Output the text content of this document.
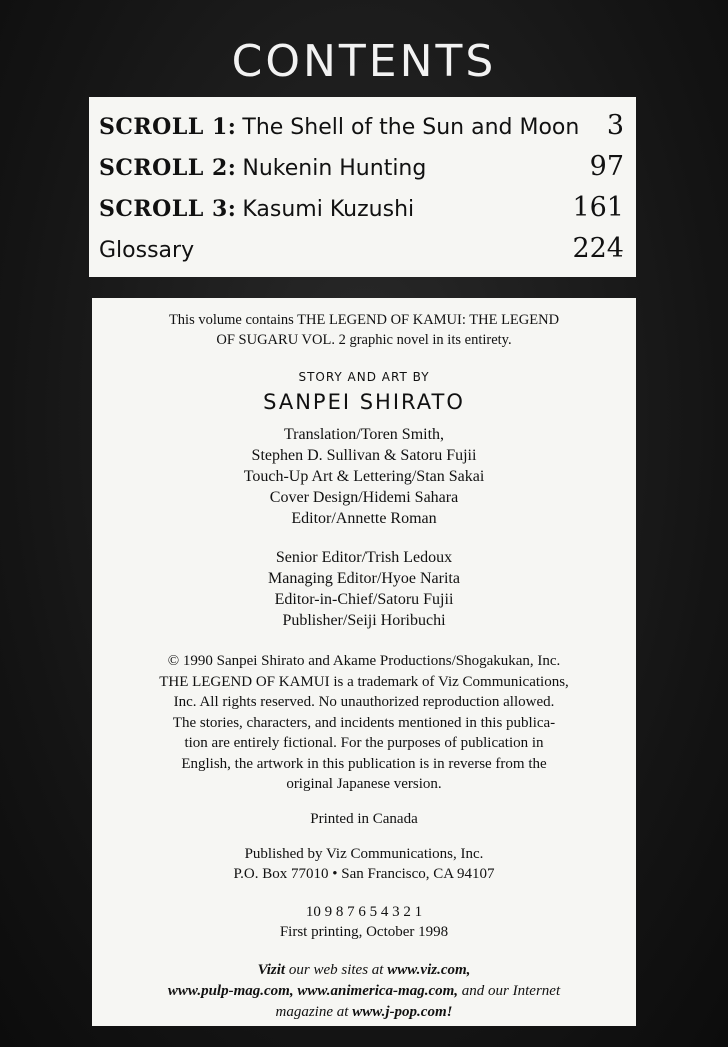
CONTENTS
SCROLL 1: The Shell of the Sun and Moon 3
SCROLL 2: Nukenin Hunting	97
SCROLL 3: Kasumi Kuzushi	161
Glossary	224

This volume contains THE LEGEND OF KAMUI: THE LEGEND
OF SUGARU VOL. 2 graphic novel in its entirety.

STORY AND ART BY
SANPEI SHIRATO
Translation/Toren Smith,
Stephen D. Sullivan & Satoru Fujii
Touch-Up Art & Lettering/Stan Sakai
Cover Design/Hidemi Sahara
Editor/Annette Roman
Senior Editor/Trish Ledoux
Managing Editor/Hyoe Narita
Editor-in-Chief/Satoru Fujii
Publisher/Seiji Horibuchi
© 1990 Sanpei Shirato and Akame Productions/Shogakukan, Inc.
THE LEGEND OF KAMUI is a trademark of Viz Communications,
Inc. All rights reserved. No unauthorized reproduction allowed.
The stories, characters, and incidents mentioned in this publica-
tion are entirely fictional. For the purposes of publication in
English, the artwork in this publication is in reverse from the
original Japanese version.
Printed in Canada
Published by Viz Communications, Inc.
P.O. Box 77010 • San Francisco, CA 94107
10 9 8 7 6 5 4 3 2 1
First printing, October 1998
Vizit our web sites at www.viz.com,
www.pulp-mag.com, www.animerica-mag.com, and our Internet
magazine at www.j-pop.com!
